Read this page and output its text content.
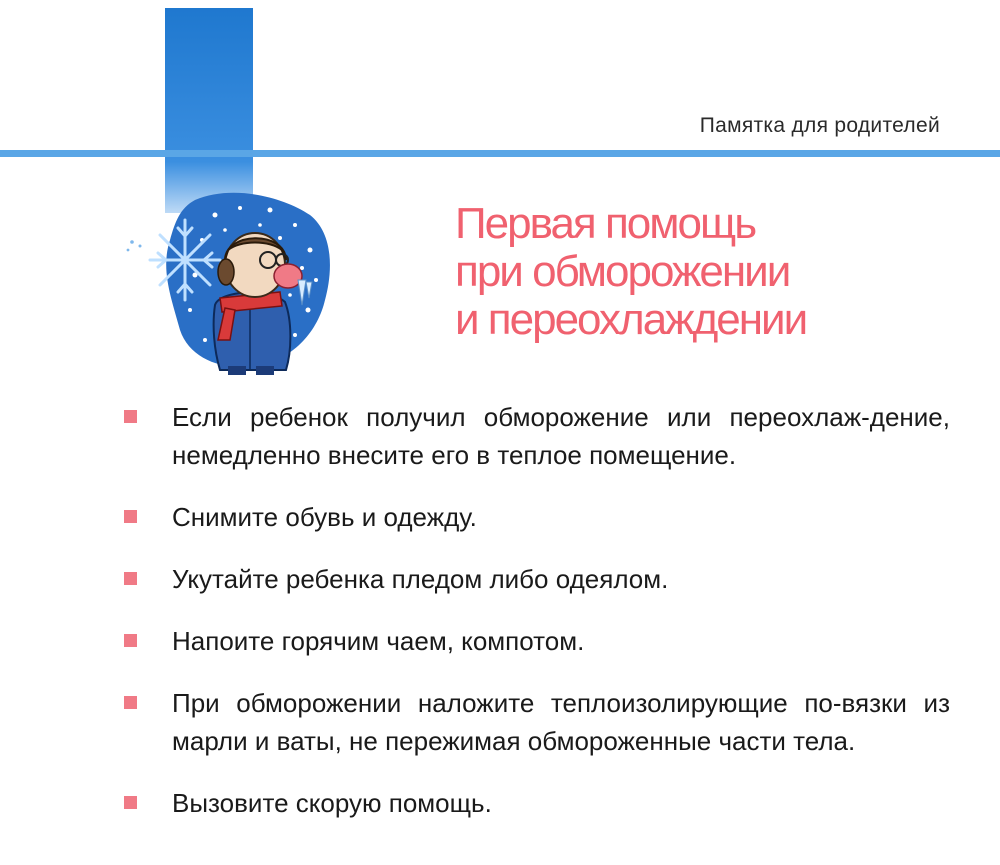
Памятка для родителей
Первая помощь
при обморожении
и переохлаждении
Если ребенок получил обморожение или переохлаж-дение, немедленно внесите его в теплое помещение.
Снимите обувь и одежду.
Укутайте ребенка пледом либо одеялом.
Напоите горячим чаем, компотом.
При обморожении наложите теплоизолирующие по-вязки из марли и ваты, не пережимая обмороженные части тела.
Вызовите скорую помощь.
